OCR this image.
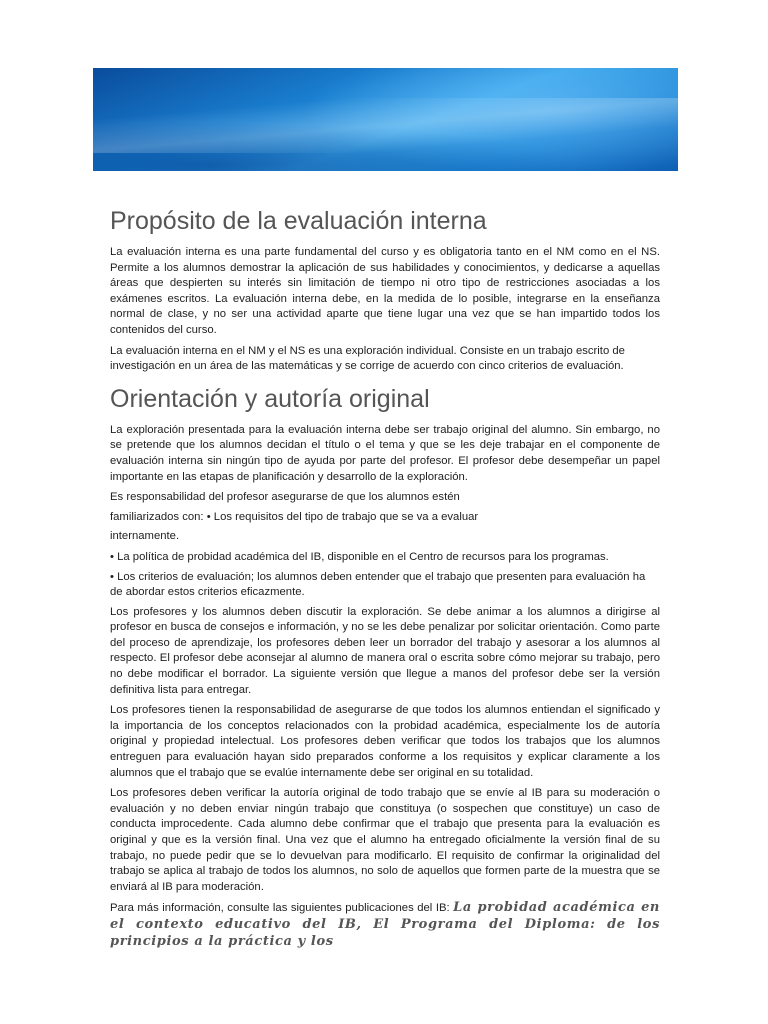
Propósito de la evaluación interna

La evaluación interna es una parte fundamental del curso y es obligatoria tanto en el NM como en el NS. Permite a los alumnos demostrar la aplicación de sus habilidades y conocimientos, y dedicarse a aquellas áreas que despierten su interés sin limitación de tiempo ni otro tipo de restricciones asociadas a los exámenes escritos. La evaluación interna debe, en la medida de lo posible, integrarse en la enseñanza normal de clase, y no ser una actividad aparte que tiene lugar una vez que se han impartido todos los contenidos del curso.

La evaluación interna en el NM y el NS es una exploración individual. Consiste en un trabajo escrito de investigación en un área de las matemáticas y se corrige de acuerdo con cinco criterios de evaluación.

Orientación y autoría original

La exploración presentada para la evaluación interna debe ser trabajo original del alumno. Sin embargo, no se pretende que los alumnos decidan el título o el tema y que se les deje trabajar en el componente de evaluación interna sin ningún tipo de ayuda por parte del profesor. El profesor debe desempeñar un papel importante en las etapas de planificación y desarrollo de la exploración.

Es responsabilidad del profesor asegurarse de que los alumnos estén

familiarizados con: • Los requisitos del tipo de trabajo que se va a evaluar

internamente.

• La política de probidad académica del IB, disponible en el Centro de recursos para los programas.

• Los criterios de evaluación; los alumnos deben entender que el trabajo que presenten para evaluación ha de abordar estos criterios eficazmente.

Los profesores y los alumnos deben discutir la exploración. Se debe animar a los alumnos a dirigirse al profesor en busca de consejos e información, y no se les debe penalizar por solicitar orientación. Como parte del proceso de aprendizaje, los profesores deben leer un borrador del trabajo y asesorar a los alumnos al respecto. El profesor debe aconsejar al alumno de manera oral o escrita sobre cómo mejorar su trabajo, pero no debe modificar el borrador. La siguiente versión que llegue a manos del profesor debe ser la versión definitiva lista para entregar.

Los profesores tienen la responsabilidad de asegurarse de que todos los alumnos entiendan el significado y la importancia de los conceptos relacionados con la probidad académica, especialmente los de autoría original y propiedad intelectual. Los profesores deben verificar que todos los trabajos que los alumnos entreguen para evaluación hayan sido preparados conforme a los requisitos y explicar claramente a los alumnos que el trabajo que se evalúe internamente debe ser original en su totalidad.

Los profesores deben verificar la autoría original de todo trabajo que se envíe al IB para su moderación o evaluación y no deben enviar ningún trabajo que constituya (o sospechen que constituye) un caso de conducta improcedente. Cada alumno debe confirmar que el trabajo que presenta para la evaluación es original y que es la versión final. Una vez que el alumno ha entregado oficialmente la versión final de su trabajo, no puede pedir que se lo devuelvan para modificarlo. El requisito de confirmar la originalidad del trabajo se aplica al trabajo de todos los alumnos, no solo de aquellos que formen parte de la muestra que se enviará al IB para moderación.

Para más información, consulte las siguientes publicaciones del IB: La probidad académica en el contexto educativo del IB, El Programa del Diploma: de los principios a la práctica y los
